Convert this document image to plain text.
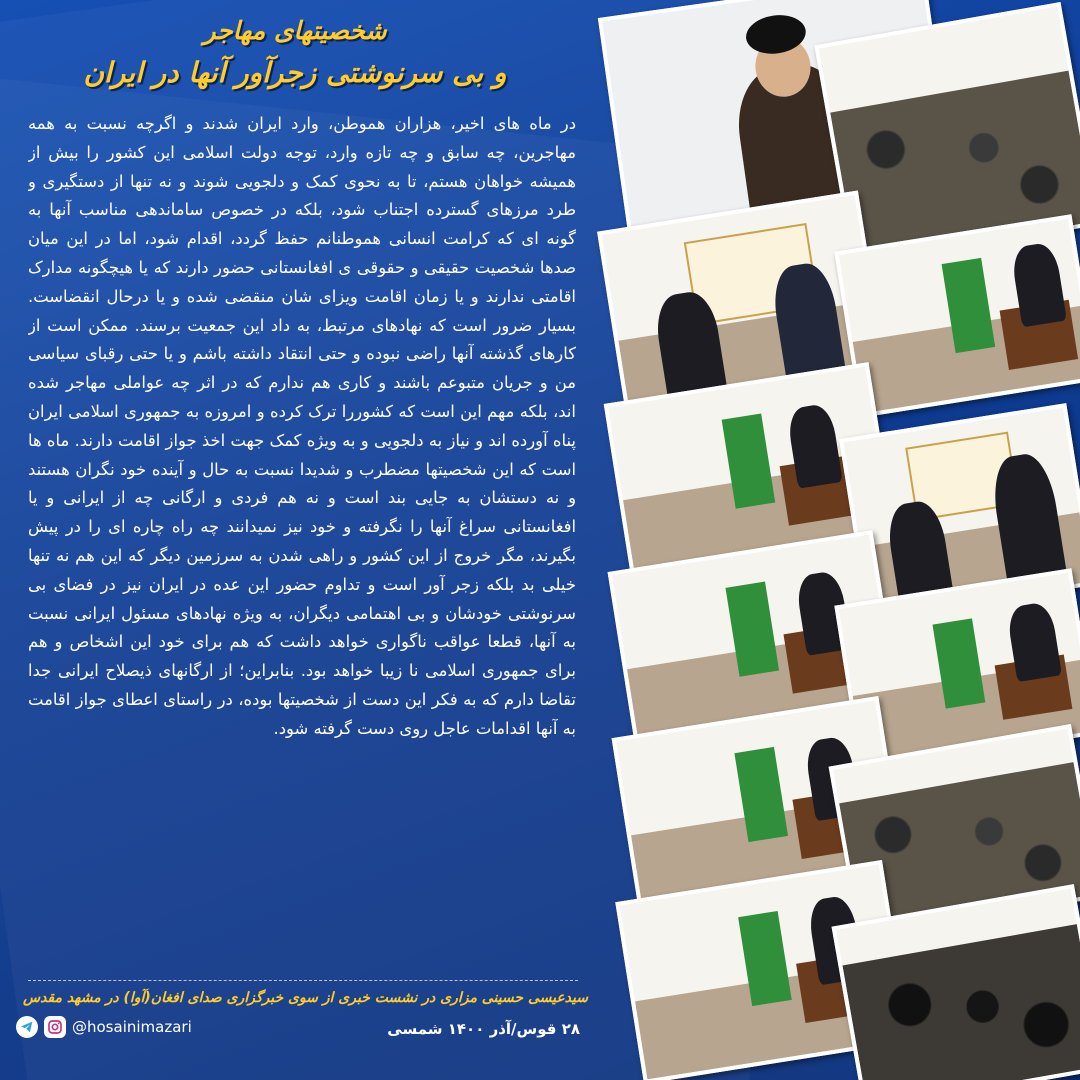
شخصیتهای مهاجر
و بی سرنوشتی زجرآور آنها در ایران
در ماه های اخیر، هزاران هموطن، وارد ایران شدند و اگرچه نسبت به همه مهاجرین، چه سابق و چه تازه وارد، توجه دولت اسلامی این کشور را بیش از همیشه خواهان هستم، تا به نحوی کمک و دلجویی شوند و نه تنها از دستگیری و طرد مرزهای گسترده اجتناب شود، بلکه در خصوص ساماندهی مناسب آنها به گونه ای که کرامت انسانی هموطنانم حفظ گردد، اقدام شود، اما در این میان صدها شخصیت حقیقی و حقوقی ی افغانستانی حضور دارند که یا هیچگونه مدارک اقامتی ندارند و یا زمان اقامت ویزای شان منقضی شده و یا درحال انقضاست. بسیار ضرور است که نهادهای مرتبط، به داد این جمعیت برسند. ممکن است از کارهای گذشته آنها راضی نبوده و حتی انتقاد داشته باشم و یا حتی رقبای سیاسی من و جریان متبوعم باشند و کاری هم ندارم که در اثر چه عواملی مهاجر شده اند، بلکه مهم این است که کشوررا ترک کرده و امروزه به جمهوری اسلامی ایران پناه آورده اند و نیاز به دلجویی و به ویژه کمک جهت اخذ جواز اقامت دارند. ماه ها است که این شخصیتها مضطرب و شدیدا نسبت به حال و آینده خود نگران هستند و نه دستشان به جایی بند است و نه هم فردی و ارگانی چه از ایرانی و یا افغانستانی سراغ آنها را نگرفته و خود نیز نمیدانند چه راه چاره ای را در پیش بگیرند، مگر خروج از این کشور و راهی شدن به سرزمین دیگر که این هم نه تنها خیلی بد بلکه زجر آور است و تداوم حضور این عده در ایران نیز در فضای بی سرنوشتی خودشان و بی اهتمامی دیگران، به ویژه نهادهای مسئول ایرانی نسبت به آنها، قطعا عواقب ناگواری خواهد داشت که هم برای خود این اشخاص و هم برای جمهوری اسلامی نا زیبا خواهد بود. بنابراین؛ از ارگانهای ذیصلاح ایرانی جدا تقاضا دارم که به فکر این دست از شخصیتها بوده، در راستای اعطای جواز اقامت به آنها اقدامات عاجل روی دست گرفته شود.
سیدعیسی حسینی مزاری در نشست خبری از سوی خبرگزاری صدای افغان(آوا) در مشهد مقدس
۲۸ قوس/آذر ۱۴۰۰ شمسی
@hosainimazari
